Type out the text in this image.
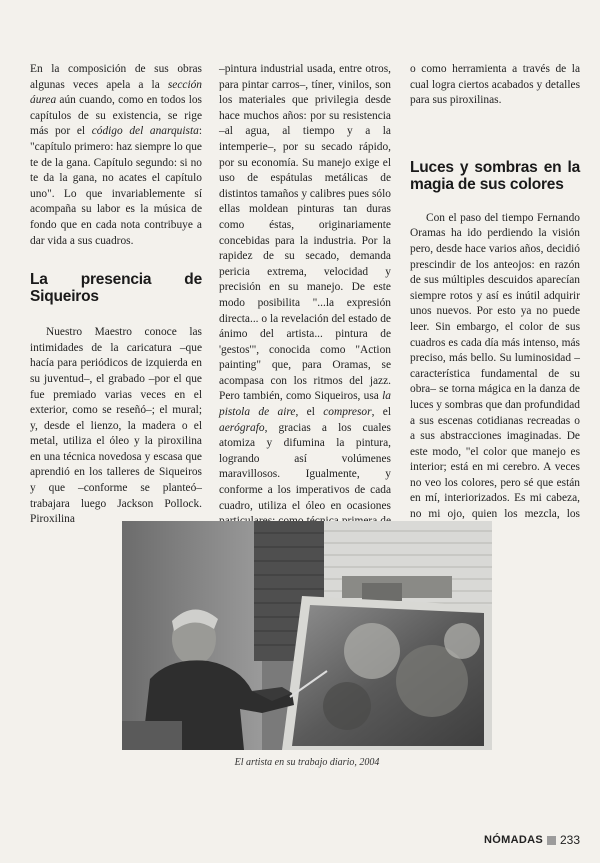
En la composición de sus obras algunas veces apela a la sección áurea aún cuando, como en todos los capítulos de su existencia, se rige más por el código del anarquista: "capítulo primero: haz siempre lo que te de la gana. Capítulo segundo: si no te da la gana, no acates el capítulo uno". Lo que invariablemente sí acompaña su labor es la música de fondo que en cada nota contribuye a dar vida a sus cuadros.

La presencia de Siqueiros

Nuestro Maestro conoce las intimidades de la caricatura –que hacía para periódicos de izquierda en su juventud–, el grabado –por el que fue premiado varias veces en el exterior, como se reseñó–; el mural; y, desde el lienzo, la madera o el metal, utiliza el óleo y la piroxilina en una técnica novedosa y escasa que aprendió en los talleres de Siqueiros y que –conforme se planteó– trabajara luego Jackson Pollock. Piroxilina

–pintura industrial usada, entre otros, para pintar carros–, tíner, vinilos, son los materiales que privilegia desde hace muchos años: por su resistencia –al agua, al tiempo y a la intemperie–, por su secado rápido, por su economía. Su manejo exige el uso de espátulas metálicas de distintos tamaños y calibres pues sólo ellas moldean pinturas tan duras como éstas, originariamente concebidas para la industria. Por la rapidez de su secado, demanda pericia extrema, velocidad y precisión en su manejo. De este modo posibilita "...la expresión directa... o la revelación del estado de ánimo del artista... pintura de 'gestos'", conocida como "Action painting" que, para Oramas, se acompasa con los ritmos del jazz. Pero también, como Siqueiros, usa la pistola de aire, el compresor, el aerógrafo, gracias a los cuales atomiza y difumina la pintura, logrando así volúmenes maravillosos. Igualmente, y conforme a los imperativos de cada cuadro, utiliza el óleo en ocasiones

o como herramienta a través de la cual logra ciertos acabados y detalles para sus piroxilinas.

Luces y sombras en la magia de sus colores

Con el paso del tiempo Fernando Oramas ha ido perdiendo la visión pero, desde hace varios años, decidió prescindir de los anteojos: en razón de sus múltiples descuidos aparecían siempre rotos y así es inútil adquirir unos nuevos. Por esto ya no puede leer. Sin embargo, el color de sus cuadros es cada día más intenso, más preciso, más bello. Su luminosidad –característica fundamental de su obra– se torna mágica en la danza de luces y sombras que dan profundidad a sus escenas cotidianas recreadas o a sus abstracciones imaginadas. De este modo, "el color que manejo es interior; está en mi cerebro. A veces no veo los colores, pero sé que están en mí, interiorizados. Es mi cabeza, no mi ojo, quien los mezcla, los

El artista en su trabajo diario, 2004
NÓMADAS 233
